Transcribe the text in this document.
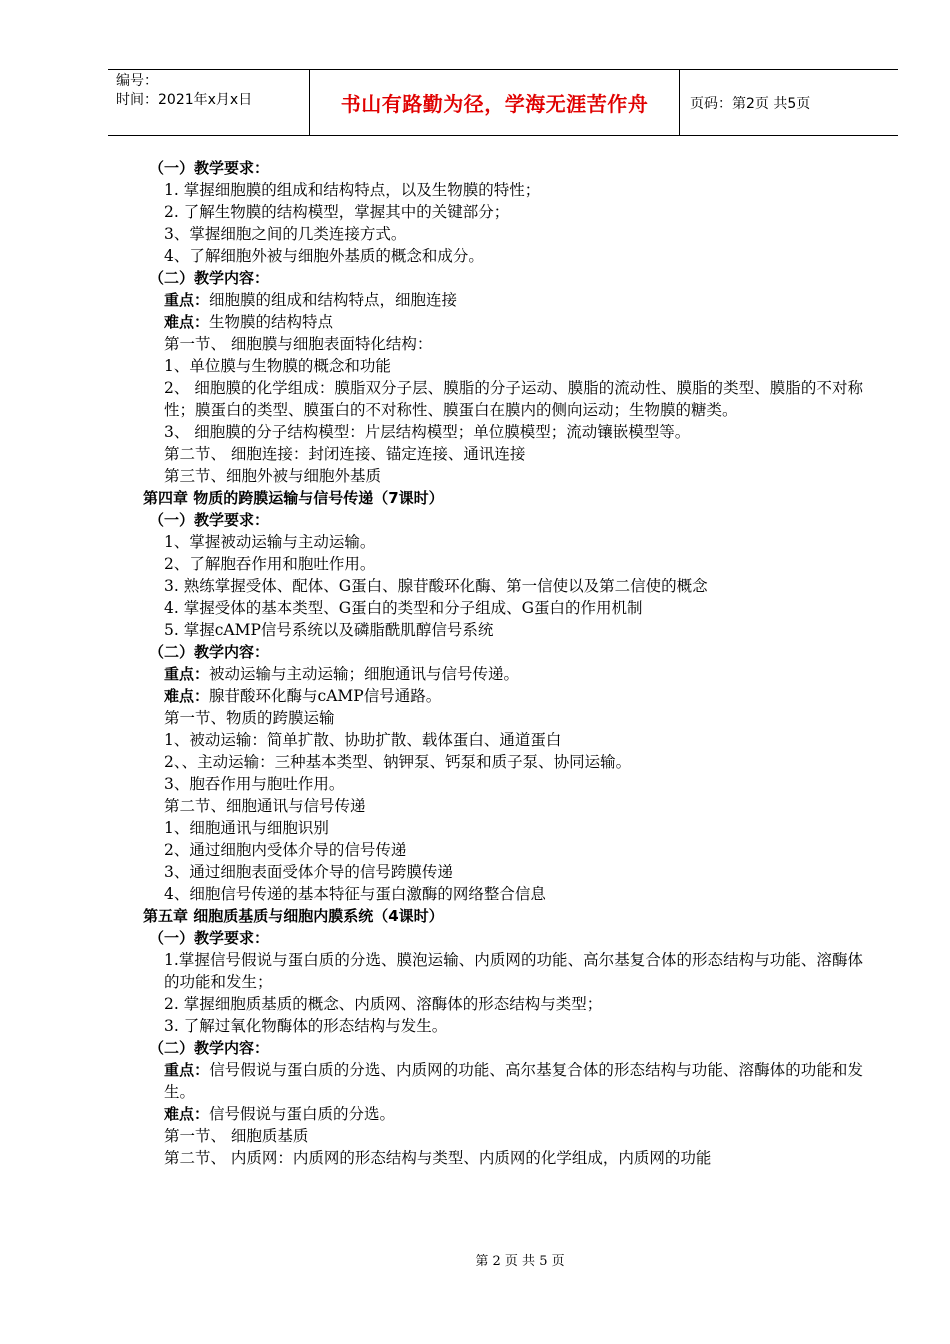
编号：
时间：2021年x月x日	书山有路勤为径，学海无涯苦作舟	页码：第2页 共5页
（一）教学要求：
1. 掌握细胞膜的组成和结构特点，以及生物膜的特性；
2. 了解生物膜的结构模型，掌握其中的关键部分；
3、掌握细胞之间的几类连接方式。
4、了解细胞外被与细胞外基质的概念和成分。
（二）教学内容：
重点：细胞膜的组成和结构特点，细胞连接
难点：生物膜的结构特点
第一节、 细胞膜与细胞表面特化结构：
1、单位膜与生物膜的概念和功能
2、 细胞膜的化学组成：膜脂双分子层、膜脂的分子运动、膜脂的流动性、膜脂的类型、膜脂的不对称性；膜蛋白的类型、膜蛋白的不对称性、膜蛋白在膜内的侧向运动；生物膜的糖类。
3、 细胞膜的分子结构模型：片层结构模型；单位膜模型；流动镶嵌模型等。
第二节、 细胞连接：封闭连接、锚定连接、通讯连接
第三节、细胞外被与细胞外基质
第四章 物质的跨膜运输与信号传递（7课时）
（一）教学要求：
1、掌握被动运输与主动运输。
2、了解胞吞作用和胞吐作用。
3. 熟练掌握受体、配体、G蛋白、腺苷酸环化酶、第一信使以及第二信使的概念
4. 掌握受体的基本类型、G蛋白的类型和分子组成、G蛋白的作用机制
5. 掌握cAMP信号系统以及磷脂酰肌醇信号系统
（二）教学内容：
重点：被动运输与主动运输；细胞通讯与信号传递。
难点：腺苷酸环化酶与cAMP信号通路。
第一节、物质的跨膜运输
1、被动运输：简单扩散、协助扩散、载体蛋白、通道蛋白
2、、主动运输：三种基本类型、钠钾泵、钙泵和质子泵、协同运输。
3、胞吞作用与胞吐作用。
第二节、细胞通讯与信号传递
1、细胞通讯与细胞识别
2、通过细胞内受体介导的信号传递
3、通过细胞表面受体介导的信号跨膜传递
4、细胞信号传递的基本特征与蛋白激酶的网络整合信息
第五章 细胞质基质与细胞内膜系统（4课时）
（一）教学要求：
1.掌握信号假说与蛋白质的分选、膜泡运输、内质网的功能、高尔基复合体的形态结构与功能、溶酶体的功能和发生；
2. 掌握细胞质基质的概念、内质网、溶酶体的形态结构与类型；
3. 了解过氧化物酶体的形态结构与发生。
（二）教学内容：
重点：信号假说与蛋白质的分选、内质网的功能、高尔基复合体的形态结构与功能、溶酶体的功能和发生。
难点：信号假说与蛋白质的分选。
第一节、 细胞质基质
第二节、 内质网：内质网的形态结构与类型、内质网的化学组成，内质网的功能
第 2 页 共 5 页
